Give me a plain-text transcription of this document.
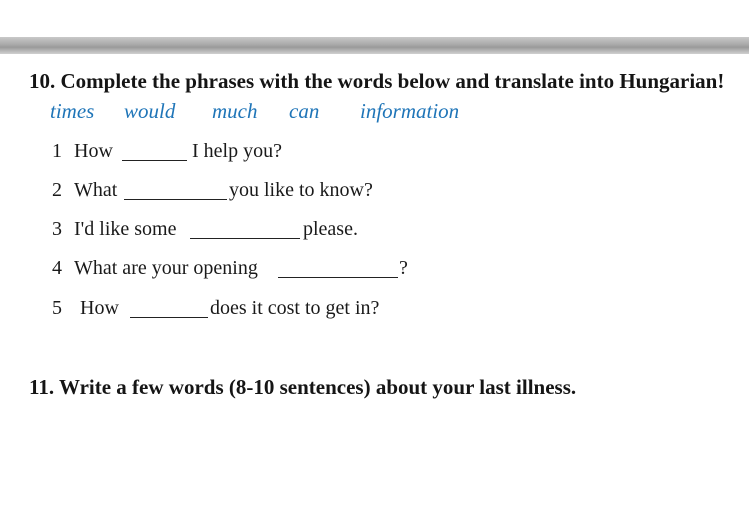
10. Complete the phrases with the words below and translate into Hungarian!
times would much can information
1 How	I help you?
2 What	you like to know?
3 I'd like some	please.
4 What are your opening	?
5 How	does it cost to get in?
11. Write a few words (8-10 sentences) about your last illness.
